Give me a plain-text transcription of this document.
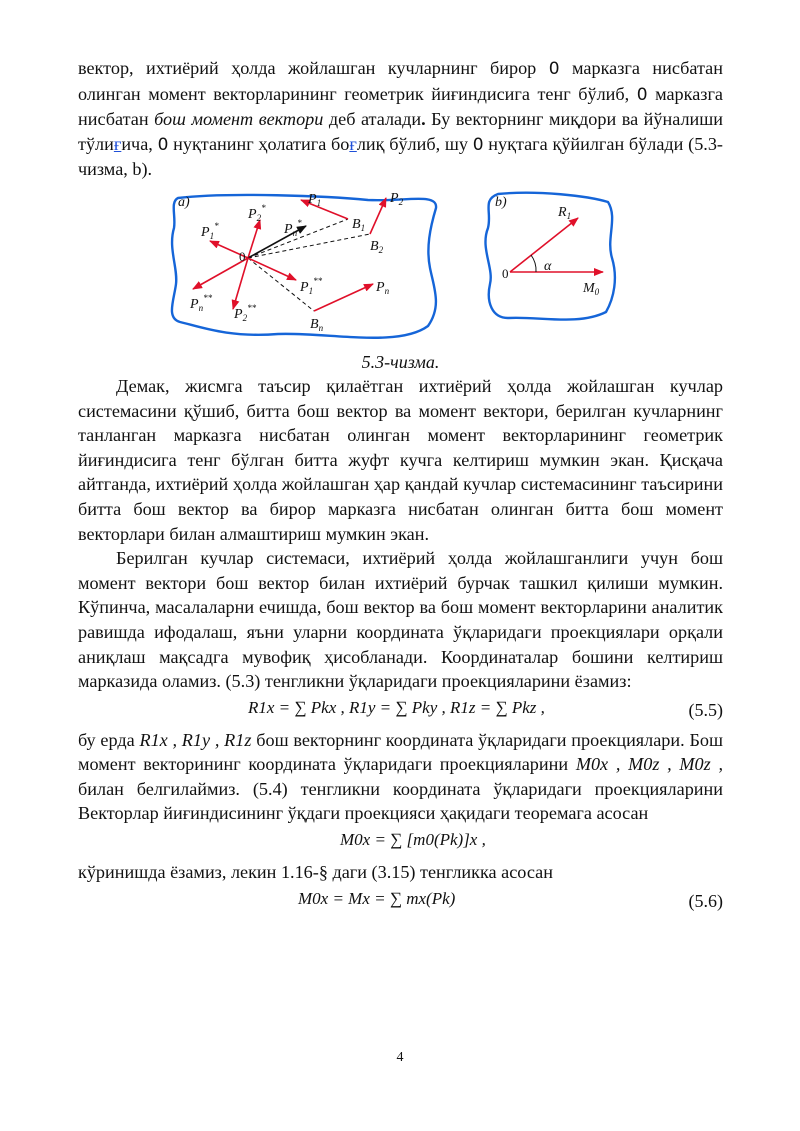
вектор, ихтиёрий ҳолда жойлашган кучларнинг бирор 0 марказга нисбатан олинган момент векторларининг геометрик йиғиндисига тенг бўлиб, 0 марказга нисбатан бош момент вектори деб аталади. Бу векторнинг миқдори ва йўналиши тўлиғича, 0 нуқтанинг ҳолатига боғлиқ бўлиб, шу 0 нуқтага қўйилган бўлади (5.3-чизма, b).

a)
0
$P_1$	$P_2$
$P_n$
$P_1^*$
$P_2^*$
$P_n^*$
$P_1^{**}$
$P_2^{**}$
$P_n^{**}$
$B_1$
$B_2$
$B_n$
b)
0
$R_1$
$M_0$
α
5.3-чизма.

Демак, жисмга таъсир қилаётган ихтиёрий ҳолда жойлашган кучлар системасини қўшиб, битта бош вектор ва момент вектори, берилган кучларнинг танланган марказга нисбатан олинган момент векторларининг геометрик йиғиндисига тенг бўлган битта жуфт кучга келтириш мумкин экан. Қисқача айтганда, ихтиёрий ҳолда жойлашган ҳар қандай кучлар системасининг таъсирини битта бош вектор ва бирор марказга нисбатан олинган битта бош момент векторлари билан алмаштириш мумкин экан.

Берилган кучлар системаси, ихтиёрий ҳолда жойлашганлиги учун бош момент вектори бош вектор билан ихтиёрий бурчак ташкил қилиши мумкин. Кўпинча, масалаларни ечишда, бош вектор ва бош момент векторларини аналитик равишда ифодалаш, яъни уларни координата ўқларидаги проекциялари орқали аниқлаш мақсадга мувофиқ ҳисобланади. Координаталар бошини келтириш марказида оламиз. (5.3) тенгликни ўқларидаги проекцияларини ёзамиз:

R1x = ∑ Pkx , R1y = ∑ Pky , R1z = ∑ Pkz ,	(5.5)

бу ерда R1x , R1y , R1z бош векторнинг координата ўқларидаги проекциялари. Бош момент векторининг координата ўқларидаги проекцияларини M0x , M0z , M0z , билан белгилаймиз. (5.4) тенгликни координата ўқларидаги проекцияларини Векторлар йиғиндисининг ўқдаги проекцияси ҳақидаги теоремага асосан

M0x = ∑ [m0(Pk)]x ,

кўринишда ёзамиз, лекин 1.16-§ даги (3.15) тенгликка асосан

M0x = Mx = ∑ mx(Pk)	(5.6)
4
